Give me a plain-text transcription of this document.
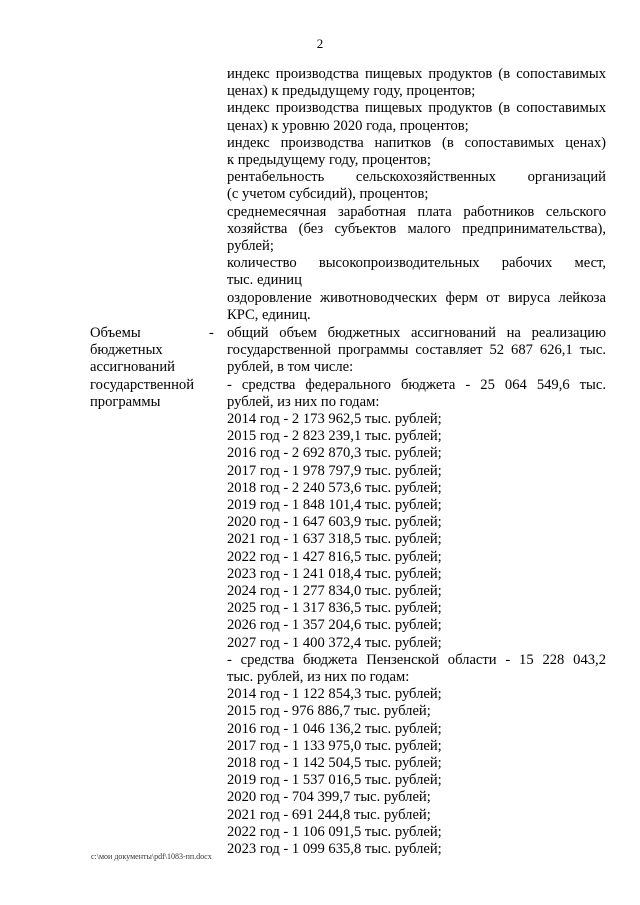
2
индекс производства пищевых продуктов (в сопоставимых
ценах) к предыдущему году, процентов;
индекс производства пищевых продуктов (в сопоставимых
ценах) к уровню 2020 года, процентов;
индекс производства напитков (в сопоставимых ценах)
к предыдущему году, процентов;
рентабельность сельскохозяйственных организаций
(с учетом субсидий), процентов;
среднемесячная заработная плата работников сельского
хозяйства (без субъектов малого предпринимательства),
рублей;
количество высокопроизводительных рабочих мест,
тыс. единиц
оздоровление животноводческих ферм от вируса лейкоза
КРС, единиц.
Объемы
бюджетных
ассигнований
государственной
программы
- общий объем бюджетных ассигнований на реализацию
государственной программы составляет 52 687 626,1 тыс.
рублей, в том числе:
- средства федерального бюджета - 25 064 549,6 тыс.
рублей, из них по годам:
2014 год - 2 173 962,5 тыс. рублей;
2015 год - 2 823 239,1 тыс. рублей;
2016 год - 2 692 870,3 тыс. рублей;
2017 год - 1 978 797,9 тыс. рублей;
2018 год - 2 240 573,6 тыс. рублей;
2019 год - 1 848 101,4 тыс. рублей;
2020 год - 1 647 603,9 тыс. рублей;
2021 год - 1 637 318,5 тыс. рублей;
2022 год - 1 427 816,5 тыс. рублей;
2023 год - 1 241 018,4 тыс. рублей;
2024 год - 1 277 834,0 тыс. рублей;
2025 год - 1 317 836,5 тыс. рублей;
2026 год - 1 357 204,6 тыс. рублей;
2027 год - 1 400 372,4 тыс. рублей;
- средства бюджета Пензенской области - 15 228 043,2
тыс. рублей, из них по годам:
2014 год - 1 122 854,3 тыс. рублей;
2015 год - 976 886,7 тыс. рублей;
2016 год - 1 046 136,2 тыс. рублей;
2017 год - 1 133 975,0 тыс. рублей;
2018 год - 1 142 504,5 тыс. рублей;
2019 год - 1 537 016,5 тыс. рублей;
2020 год - 704 399,7 тыс. рублей;
2021 год - 691 244,8 тыс. рублей;
2022 год - 1 106 091,5 тыс. рублей;
2023 год - 1 099 635,8 тыс. рублей;
c:\мои документы\pdf\1083-пп.docx
